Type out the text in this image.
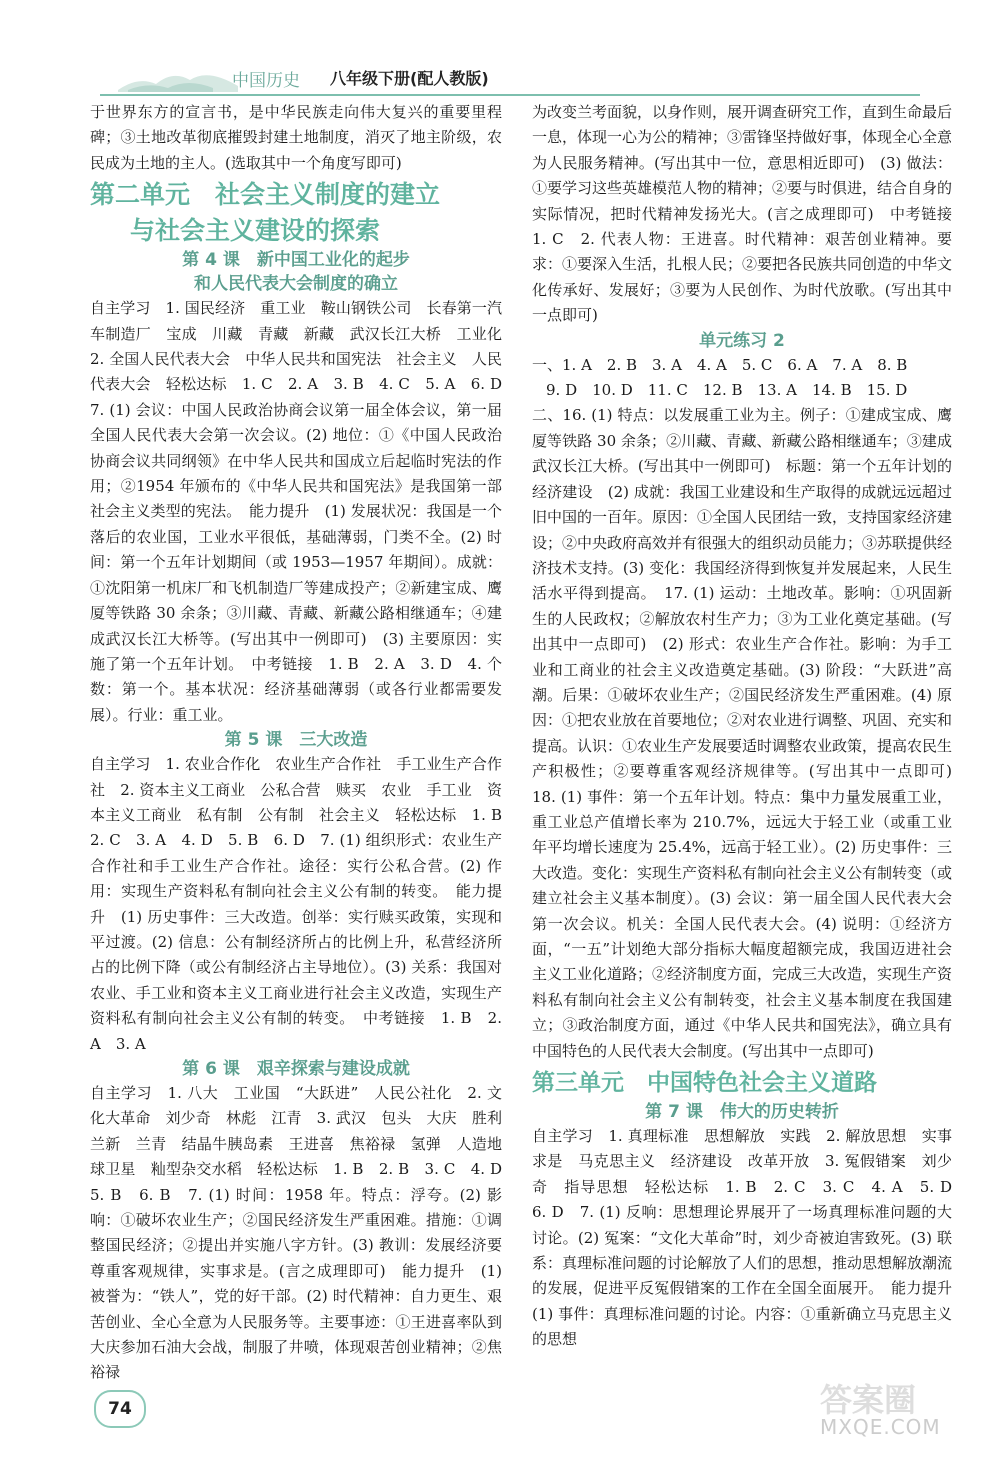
中国历史 八年级下册(配人教版)

于世界东方的宣言书，是中华民族走向伟大复兴的重要里程碑；③土地改革彻底摧毁封建土地制度，消灭了地主阶级，农民成为土地的主人。(选取其中一个角度写即可)

第二单元　社会主义制度的建立
与社会主义建设的探索
第 4 课　新中国工业化的起步
和人民代表大会制度的确立

自主学习　1. 国民经济　重工业　鞍山钢铁公司　长春第一汽车制造厂　宝成　川藏　青藏　新藏　武汉长江大桥　工业化　2. 全国人民代表大会　中华人民共和国宪法　社会主义　人民代表大会　轻松达标　1. C　2. A　3. B　4. C　5. A　6. D　7. (1) 会议：中国人民政治协商会议第一届全体会议，第一届全国人民代表大会第一次会议。(2) 地位：①《中国人民政治协商会议共同纲领》在中华人民共和国成立后起临时宪法的作用；②1954 年颁布的《中华人民共和国宪法》是我国第一部社会主义类型的宪法。　能力提升　(1) 发展状况：我国是一个落后的农业国，工业水平很低，基础薄弱，门类不全。(2) 时间：第一个五年计划期间（或 1953—1957 年期间）。成就：①沈阳第一机床厂和飞机制造厂等建成投产；②新建宝成、鹰厦等铁路 30 余条；③川藏、青藏、新藏公路相继通车；④建成武汉长江大桥等。(写出其中一例即可)　(3) 主要原因：实施了第一个五年计划。　中考链接　1. B　2. A　3. D　4. 个数：第一个。基本状况：经济基础薄弱（或各行业都需要发展）。行业：重工业。

第 5 课　三大改造

自主学习　1. 农业合作化　农业生产合作社　手工业生产合作社　2. 资本主义工商业　公私合营　赎买　农业　手工业　资本主义工商业　私有制　公有制　社会主义　轻松达标　1. B　2. C　3. A　4. D　5. B　6. D　7. (1) 组织形式：农业生产合作社和手工业生产合作社。途径：实行公私合营。(2) 作用：实现生产资料私有制向社会主义公有制的转变。　能力提升　(1) 历史事件：三大改造。创举：实行赎买政策，实现和平过渡。(2) 信息：公有制经济所占的比例上升，私营经济所占的比例下降（或公有制经济占主导地位）。(3) 关系：我国对农业、手工业和资本主义工商业进行社会主义改造，实现生产资料私有制向社会主义公有制的转变。　中考链接　1. B　2. A　3. A

第 6 课　艰辛探索与建设成就

自主学习　1. 八大　工业国　“大跃进”　人民公社化　2. 文化大革命　刘少奇　林彪　江青　3. 武汉　包头　大庆　胜利　兰新　兰青　结晶牛胰岛素　王进喜　焦裕禄　氢弹　人造地球卫星　籼型杂交水稻　轻松达标　1. B　2. B　3. C　4. D　5. B　6. B　7. (1) 时间：1958 年。特点：浮夸。(2) 影响：①破坏农业生产；②国民经济发生严重困难。措施：①调整国民经济；②提出并实施八字方针。(3) 教训：发展经济要尊重客观规律，实事求是。(言之成理即可)　能力提升　(1) 被誉为：“铁人”，党的好干部。(2) 时代精神：自力更生、艰苦创业、全心全意为人民服务等。主要事迹：①王进喜率队到大庆参加石油大会战，制服了井喷，体现艰苦创业精神；②焦裕禄

为改变兰考面貌，以身作则，展开调查研究工作，直到生命最后一息，体现一心为公的精神；③雷锋坚持做好事，体现全心全意为人民服务精神。(写出其中一位，意思相近即可)　(3) 做法：①要学习这些英雄模范人物的精神；②要与时俱进，结合自身的实际情况，把时代精神发扬光大。(言之成理即可)　中考链接　1. C　2. 代表人物：王进喜。时代精神：艰苦创业精神。要求：①要深入生活，扎根人民；②要把各民族共同创造的中华文化传承好、发展好；③要为人民创作、为时代放歌。(写出其中一点即可)

单元练习 2

一、1. A　2. B　3. A　4. A　5. C　6. A　7. A　8. B

9. D　10. D　11. C　12. B　13. A　14. B　15. D

二、16. (1) 特点：以发展重工业为主。例子：①建成宝成、鹰厦等铁路 30 余条；②川藏、青藏、新藏公路相继通车；③建成武汉长江大桥。(写出其中一例即可)　标题：第一个五年计划的经济建设　(2) 成就：我国工业建设和生产取得的成就远远超过旧中国的一百年。原因：①全国人民团结一致，支持国家经济建设；②中央政府高效并有很强大的组织动员能力；③苏联提供经济技术支持。(3) 变化：我国经济得到恢复并发展起来，人民生活水平得到提高。　17. (1) 运动：土地改革。影响：①巩固新生的人民政权；②解放农村生产力；③为工业化奠定基础。(写出其中一点即可)　(2) 形式：农业生产合作社。影响：为手工业和工商业的社会主义改造奠定基础。(3) 阶段：“大跃进”高潮。后果：①破坏农业生产；②国民经济发生严重困难。(4) 原因：①把农业放在首要地位；②对农业进行调整、巩固、充实和提高。认识：①农业生产发展要适时调整农业政策，提高农民生产积极性；②要尊重客观经济规律等。(写出其中一点即可)　18. (1) 事件：第一个五年计划。特点：集中力量发展重工业，重工业总产值增长率为 210.7%，远远大于轻工业（或重工业年平均增长速度为 25.4%，远高于轻工业）。(2) 历史事件：三大改造。变化：实现生产资料私有制向社会主义公有制转变（或建立社会主义基本制度）。(3) 会议：第一届全国人民代表大会第一次会议。机关：全国人民代表大会。(4) 说明：①经济方面，“一五”计划绝大部分指标大幅度超额完成，我国迈进社会主义工业化道路；②经济制度方面，完成三大改造，实现生产资料私有制向社会主义公有制转变，社会主义基本制度在我国建立；③政治制度方面，通过《中华人民共和国宪法》，确立具有中国特色的人民代表大会制度。(写出其中一点即可)

第三单元　中国特色社会主义道路
第 7 课　伟大的历史转折

自主学习　1. 真理标准　思想解放　实践　2. 解放思想　实事求是　马克思主义　经济建设　改革开放　3. 冤假错案　刘少奇　指导思想　轻松达标　1. B　2. C　3. C　4. A　5. D　6. D　7. (1) 反响：思想理论界展开了一场真理标准问题的大讨论。(2) 冤案：“文化大革命”时，刘少奇被迫害致死。(3) 联系：真理标准问题的讨论解放了人们的思想，推动思想解放潮流的发展，促进平反冤假错案的工作在全国全面展开。　能力提升　(1) 事件：真理标准问题的讨论。内容：①重新确立马克思主义的思想

74	答案圈
MXQE.COM
